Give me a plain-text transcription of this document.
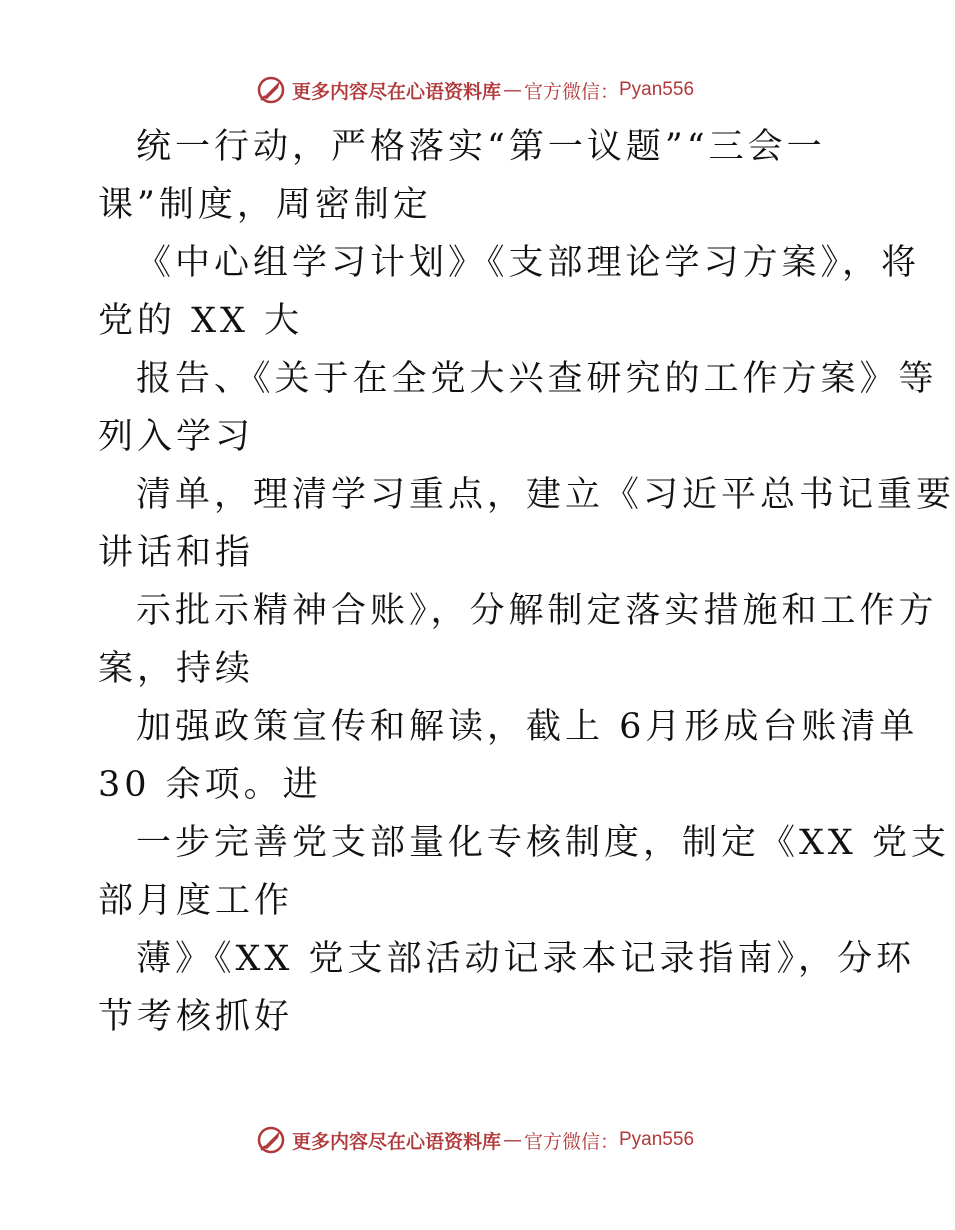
更多内容尽在心语资料库 — 官方微信： Pyan556
统一行动，严格落实“第一议题”“三会一
课”制度，周密制定
《中心组学习计划》《支部理论学习方案》，将
党的 XX 大
报告、《关于在全党大兴查研究的工作方案》等
列入学习
清单，理清学习重点，建立《习近平总书记重要
讲话和指
示批示精神合账》，分解制定落实措施和工作方
案，持续
加强政策宣传和解读，截上 6月形成台账清单
30 余项。进
一步完善党支部量化专核制度，制定《XX 党支
部月度工作
薄》《XX 党支部活动记录本记录指南》，分环
节考核抓好
更多内容尽在心语资料库 — 官方微信： Pyan556
